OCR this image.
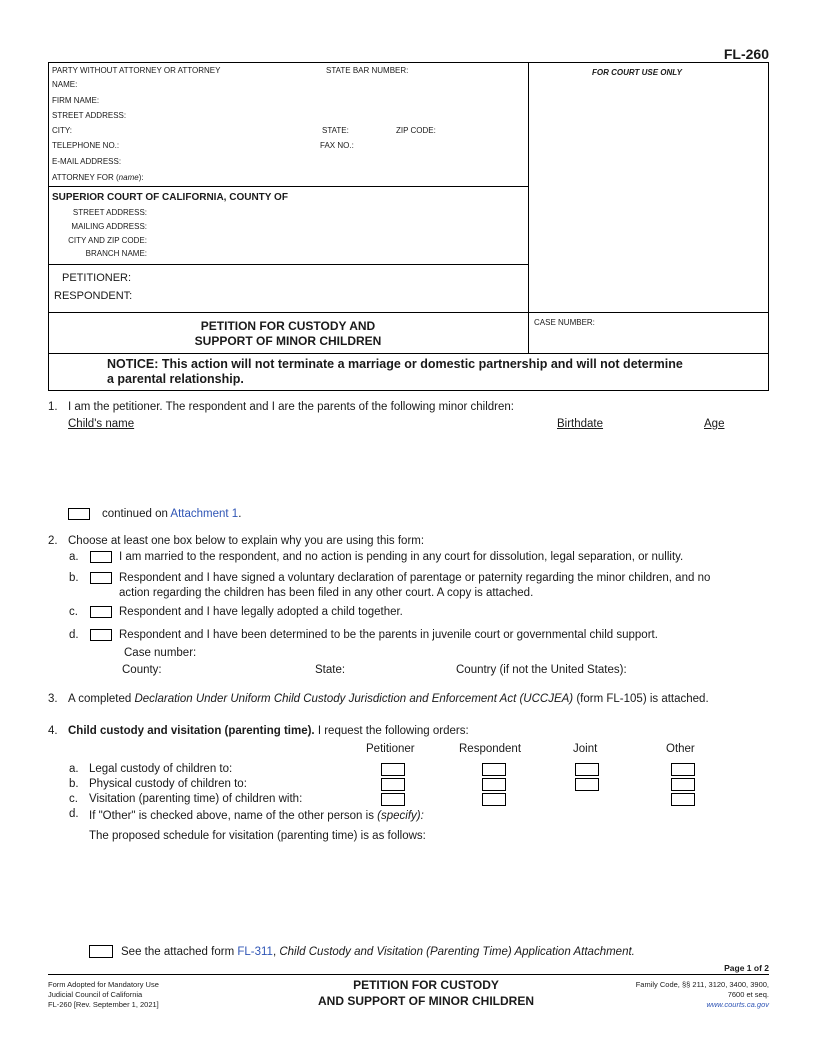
FL-260
PARTY WITHOUT ATTORNEY OR ATTORNEY	STATE BAR NUMBER:	FOR COURT USE ONLY
NAME:
FIRM NAME:
STREET ADDRESS:
CITY:	STATE:	ZIP CODE:
TELEPHONE NO.:	FAX NO.:
E-MAIL ADDRESS:
ATTORNEY FOR (name):
SUPERIOR COURT OF CALIFORNIA, COUNTY OF
STREET ADDRESS:
MAILING ADDRESS:
CITY AND ZIP CODE:
BRANCH NAME:
PETITIONER:
RESPONDENT:
PETITION FOR CUSTODY AND
SUPPORT OF MINOR CHILDREN
CASE NUMBER:
NOTICE: This action will not terminate a marriage or domestic partnership and will not determine
a parental relationship.
1. I am the petitioner. The respondent and I are the parents of the following minor children:
Child's name	Birthdate	Age
continued on Attachment 1.
2. Choose at least one box below to explain why you are using this form:
a.	I am married to the respondent, and no action is pending in any court for dissolution, legal separation, or nullity.
b.	Respondent and I have signed a voluntary declaration of parentage or paternity regarding the minor children, and no
action regarding the children has been filed in any other court. A copy is attached.
c.	Respondent and I have legally adopted a child together.
d.	Respondent and I have been determined to be the parents in juvenile court or governmental child support.
Case number:
County:	State:	Country (if not the United States):
3. A completed Declaration Under Uniform Child Custody Jurisdiction and Enforcement Act (UCCJEA) (form FL-105) is attached.
4. Child custody and visitation (parenting time). I request the following orders:
Petitioner	Respondent	Joint	Other
a. Legal custody of children to:
b. Physical custody of children to:
c. Visitation (parenting time) of children with:
d. If "Other" is checked above, name of the other person is (specify):
The proposed schedule for visitation (parenting time) is as follows:
See the attached form FL-311, Child Custody and Visitation (Parenting Time) Application Attachment.
Page 1 of 2
Form Adopted for Mandatory Use
Judicial Council of California
FL-260 [Rev. September 1, 2021]
PETITION FOR CUSTODY
AND SUPPORT OF MINOR CHILDREN
Family Code, §§ 211, 3120, 3400, 3900,
7600 et seq.
www.courts.ca.gov
